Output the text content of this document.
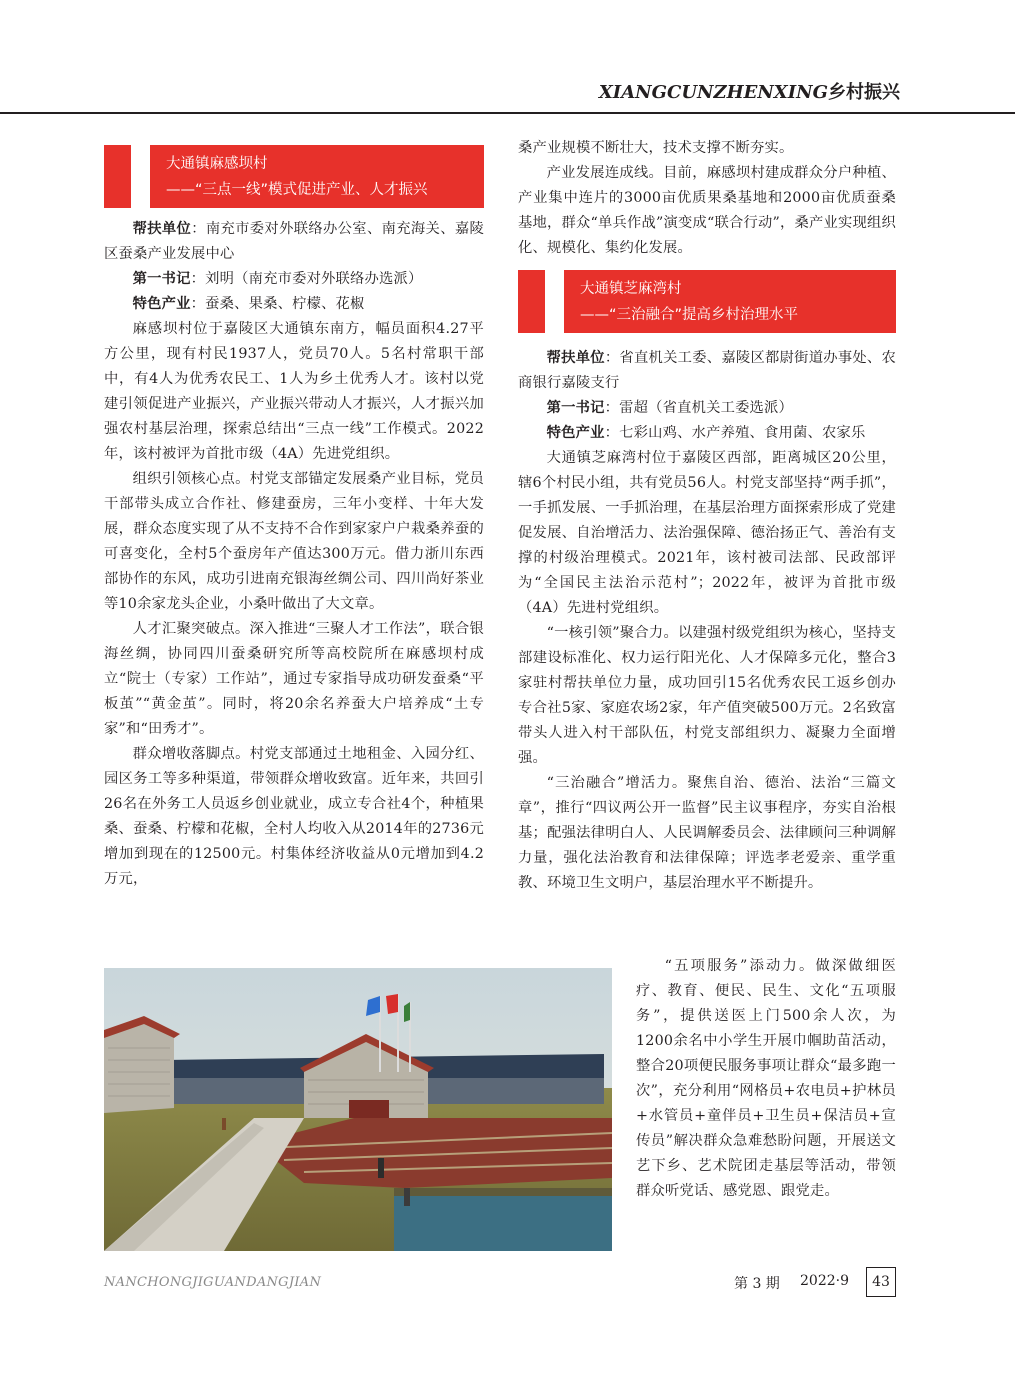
XIANGCUNZHENXING乡村振兴
大通镇麻感坝村
——“三点一线”模式促进产业、人才振兴

帮扶单位：南充市委对外联络办公室、南充海关、嘉陵区蚕桑产业发展中心

第一书记：刘明（南充市委对外联络办选派）

特色产业：蚕桑、果桑、柠檬、花椒

麻感坝村位于嘉陵区大通镇东南方，幅员面积4.27平方公里，现有村民1937人，党员70人。5名村常职干部中，有4人为优秀农民工、1人为乡土优秀人才。该村以党建引领促进产业振兴，产业振兴带动人才振兴，人才振兴加强农村基层治理，探索总结出“三点一线”工作模式。2022年，该村被评为首批市级（4A）先进党组织。

组织引领核心点。村党支部锚定发展桑产业目标，党员干部带头成立合作社、修建蚕房，三年小变样、十年大发展，群众态度实现了从不支持不合作到家家户户栽桑养蚕的可喜变化，全村5个蚕房年产值达300万元。借力浙川东西部协作的东风，成功引进南充银海丝绸公司、四川尚好茶业等10余家龙头企业，小桑叶做出了大文章。

人才汇聚突破点。深入推进“三聚人才工作法”，联合银海丝绸，协同四川蚕桑研究所等高校院所在麻感坝村成立“院士（专家）工作站”，通过专家指导成功研发蚕桑“平板茧”“黄金茧”。同时，将20余名养蚕大户培养成“土专家”和“田秀才”。

群众增收落脚点。村党支部通过土地租金、入园分红、园区务工等多种渠道，带领群众增收致富。近年来，共回引26名在外务工人员返乡创业就业，成立专合社4个，种植果桑、蚕桑、柠檬和花椒，全村人均收入从2014年的2736元增加到现在的12500元。村集体经济收益从0元增加到4.2万元，

桑产业规模不断壮大，技术支撑不断夯实。

产业发展连成线。目前，麻感坝村建成群众分户种植、产业集中连片的3000亩优质果桑基地和2000亩优质蚕桑基地，群众“单兵作战”演变成“联合行动”，桑产业实现组织化、规模化、集约化发展。

大通镇芝麻湾村
——“三治融合”提高乡村治理水平

帮扶单位：省直机关工委、嘉陵区都尉街道办事处、农商银行嘉陵支行

第一书记：雷超（省直机关工委选派）

特色产业：七彩山鸡、水产养殖、食用菌、农家乐

大通镇芝麻湾村位于嘉陵区西部，距离城区20公里，辖6个村民小组，共有党员56人。村党支部坚持“两手抓”，一手抓发展、一手抓治理，在基层治理方面探索形成了党建促发展、自治增活力、法治强保障、德治扬正气、善治有支撑的村级治理模式。2021年，该村被司法部、民政部评为“全国民主法治示范村”；2022年，被评为首批市级（4A）先进村党组织。

“一核引领”聚合力。以建强村级党组织为核心，坚持支部建设标准化、权力运行阳光化、人才保障多元化，整合3家驻村帮扶单位力量，成功回引15名优秀农民工返乡创办专合社5家、家庭农场2家，年产值突破500万元。2名致富带头人进入村干部队伍，村党支部组织力、凝聚力全面增强。

“三治融合”增活力。聚焦自治、德治、法治“三篇文章”，推行“四议两公开一监督”民主议事程序，夯实自治根基；配强法律明白人、人民调解委员会、法律顾问三种调解力量，强化法治教育和法律保障；评选孝老爱亲、重学重教、环境卫生文明户，基层治理水平不断提升。

“五项服务”添动力。做深做细医疗、教育、便民、民生、文化“五项服务”，提供送医上门500余人次，为1200余名中小学生开展巾帼助苗活动，整合20项便民服务事项让群众“最多跑一次”，充分利用“网格员+农电员+护林员+水管员+童伴员+卫生员+保洁员+宣传员”解决群众急难愁盼问题，开展送文艺下乡、艺术院团走基层等活动，带领群众听党话、感党恩、跟党走。

NANCHONGJIGUANDANGJIAN	第 3 期 2022·9	43
